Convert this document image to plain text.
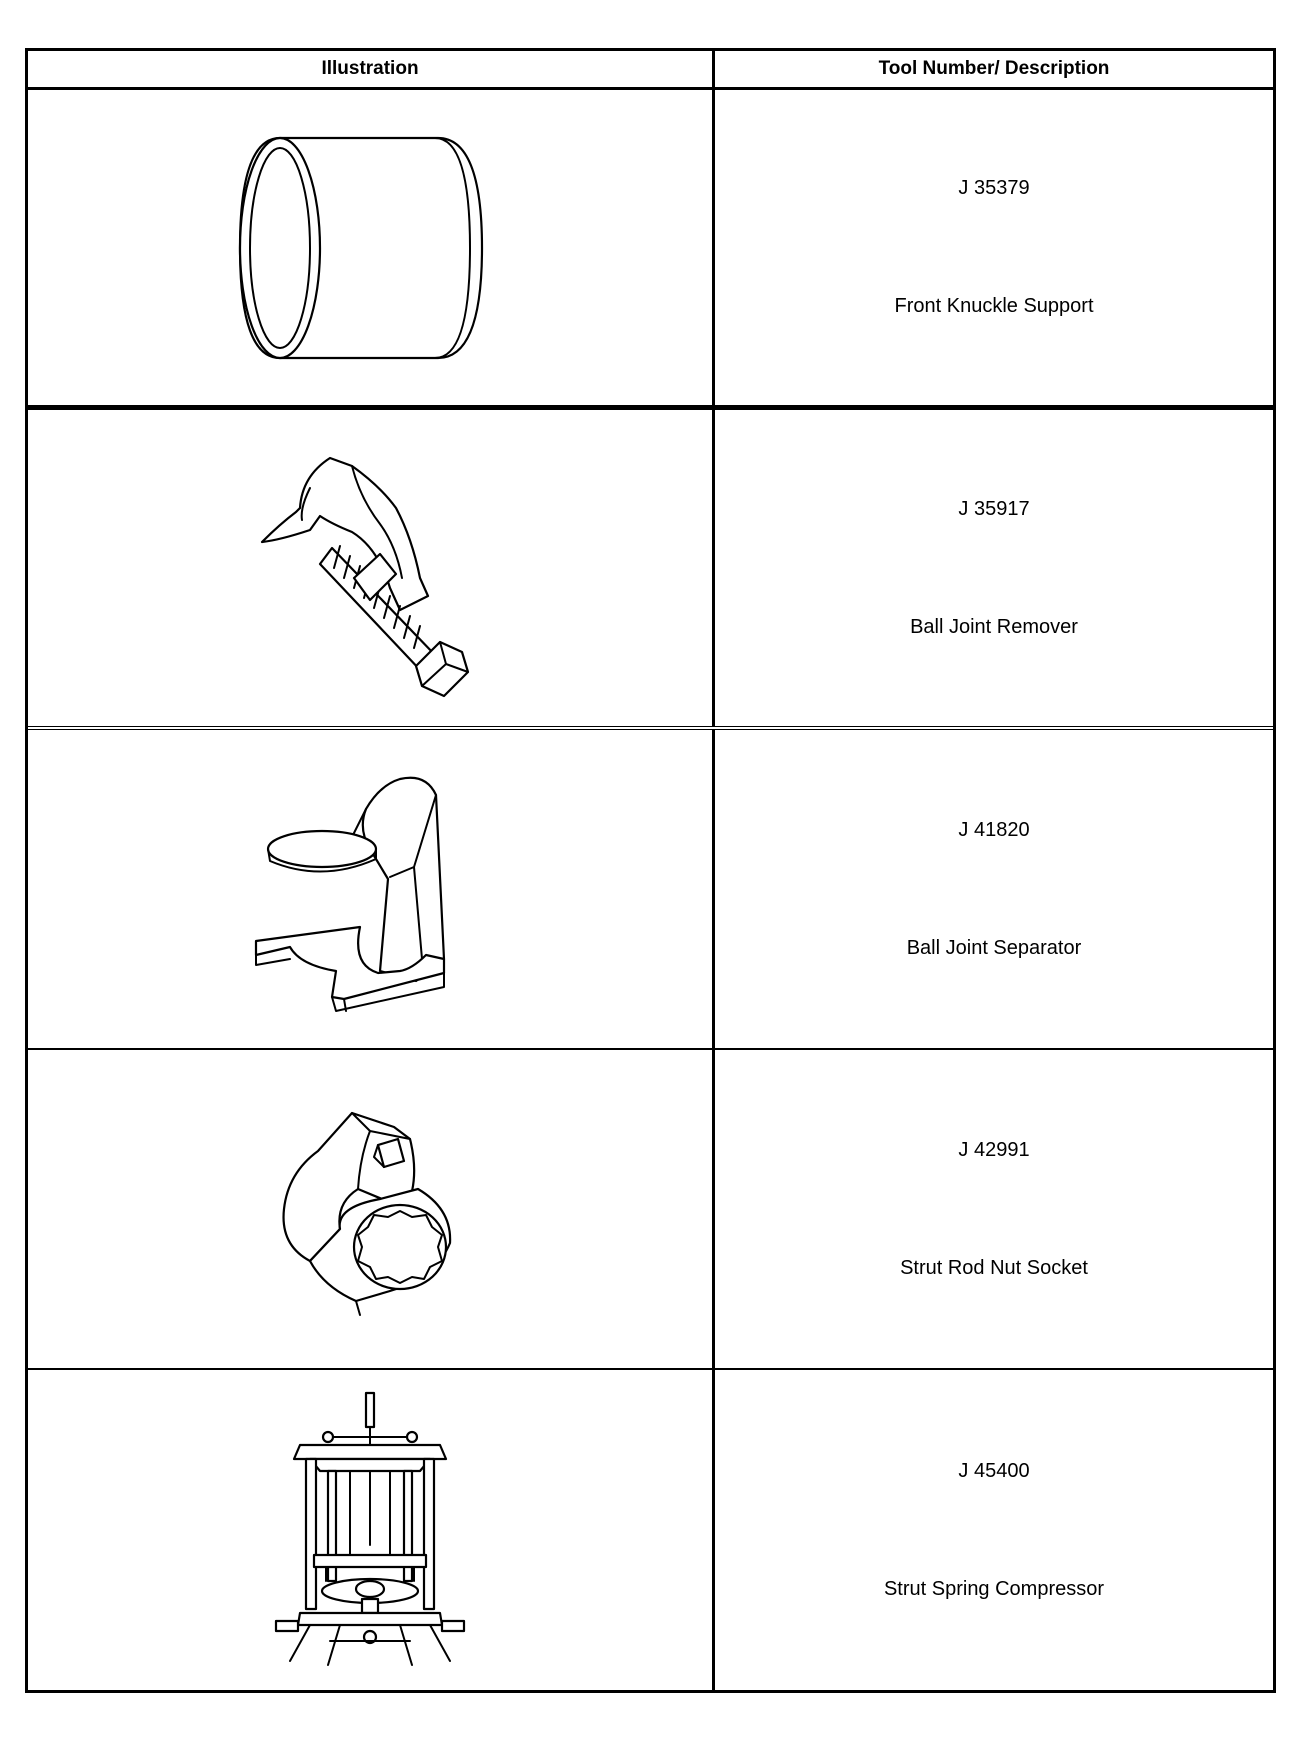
Illustration	Tool Number/ Description
J 35379
Front Knuckle Support
J 35917
Ball Joint Remover
J 41820
Ball Joint Separator
J 42991
Strut Rod Nut Socket
J 45400
Strut Spring Compressor
